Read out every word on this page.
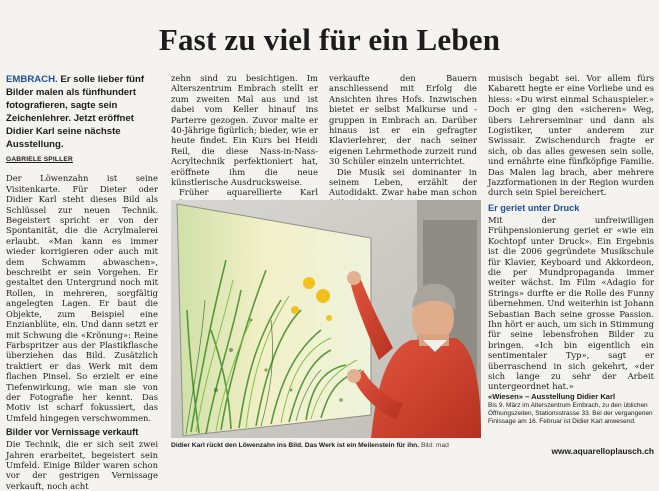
Fast zu viel für ein Leben
EMBRACH. Er solle lieber fünf Bilder malen als fünfhundert fotografieren, sagte sein Zeichenlehrer. Jetzt eröffnet Didier Karl seine nächste Ausstellung.
GABRIELE SPILLER

Der Löwenzahn ist seine Visitenkarte. Für Dieter oder Didier Karl steht dieses Bild als Schlüssel zur neuen Technik. Begeistert spricht er von der Spontanität, die die Acrylmalerei erlaubt. «Man kann es immer wieder korrigieren oder auch mit dem Schwamm abwaschen», beschreibt er sein Vorgehen. Er gestaltet den Untergrund noch mit Rollen, in mehreren, sorgfältig angelegten Lagen. Er baut die Objekte, zum Beispiel eine Enzianblüte, ein. Und dann setzt er mit Schwung die «Krönung»: Reine Farbspritzer aus der Plastikflasche überziehen das Bild. Zusätzlich traktiert er das Werk mit dem flachen Pinsel. So erzielt er eine Tiefenwirkung, wie man sie von der Fotografie her kennt. Das Motiv ist scharf fokussiert, das Umfeld hingegen verschwommen.

Bilder vor Vernissage verkauft

Die Technik, die er sich seit zwei Jahren erarbeitet, begeistert sein Umfeld. Einige Bilder waren schon vor der gestrigen Vernissage verkauft, noch acht

zehn sind zu besichtigen. Im Alterszentrum Embrach stellt er zum zweiten Mal aus und ist dabei vom Keller hinauf ins Parterre gezogen. Zuvor malte er 40-Jährige figürlich; bieder, wie er heute findet. Ein Kurs bei Heidi Reil, die diese Nass-in-Nass-Acryltechnik perfektioniert hat, eröffnete ihm die neue künstlerische Ausdrucksweise.

Früher aquarellierte Karl

verkaufte den Bauern anschliessend mit Erfolg die Ansichten ihres Hofs. Inzwischen bietet er selbst Malkurse und -gruppen in Embrach an. Darüber hinaus ist er ein gefragter Klavierlehrer, der nach seiner eigenen Lehrmethode zurzeit rund 30 Schüler einzeln unterrichtet.

Die Musik sei dominanter in seinem Leben, erzählt der Autodidakt. Zwar habe man schon

musisch begabt sei. Vor allem fürs Kabarett hegte er eine Vorliebe und es hiess: «Du wirst einmal Schauspieler.» Doch er ging den «sicheren» Weg, übers Lehrerseminar und dann als Logistiker, unter anderem zur Swissair. Zwischendurch fragte er sich, ob das alles gewesen sein solle, und ernährte eine fünfköpfige Familie. Das Malen lag brach, aber mehrere Jazzformationen in der Region wurden durch sein Spiel bereichert.

Er geriet unter Druck

Mit der unfreiwilligen Frühpensionierung geriet er «wie ein Kochtopf unter Druck». Ein Ergebnis ist die 2006 gegründete Musikschule für Klavier, Keyboard und Akkordeon, die per Mundpropaganda immer weiter wächst. Im Film «Adagio for Strings» durfte er die Rolle des Funny übernehmen. Und weiterhin ist Johann Sebastian Bach seine grosse Passion. Ihn hört er auch, um sich in Stimmung für seine lebensfrohen Bilder zu bringen. «Ich bin eigentlich ein sentimentaler Typ», sagt er überraschend in sich gekehrt, «der sich lange zu sehr der Arbeit untergeordnet hat.»

Didier Karl rückt den Löwenzahn ins Bild. Das Werk ist ein Meilenstein für ihn. Bild: mad
«Wiesen» – Ausstellung Didier Karl
Bis 9. März im Alterszentrum Embrach, zu den üblichen Öffnungszeiten, Stationsstrasse 33. Bei der vergangenen Finissage am 16. Februar ist Didier Karl anwesend.
www.aquarelloplausch.ch
